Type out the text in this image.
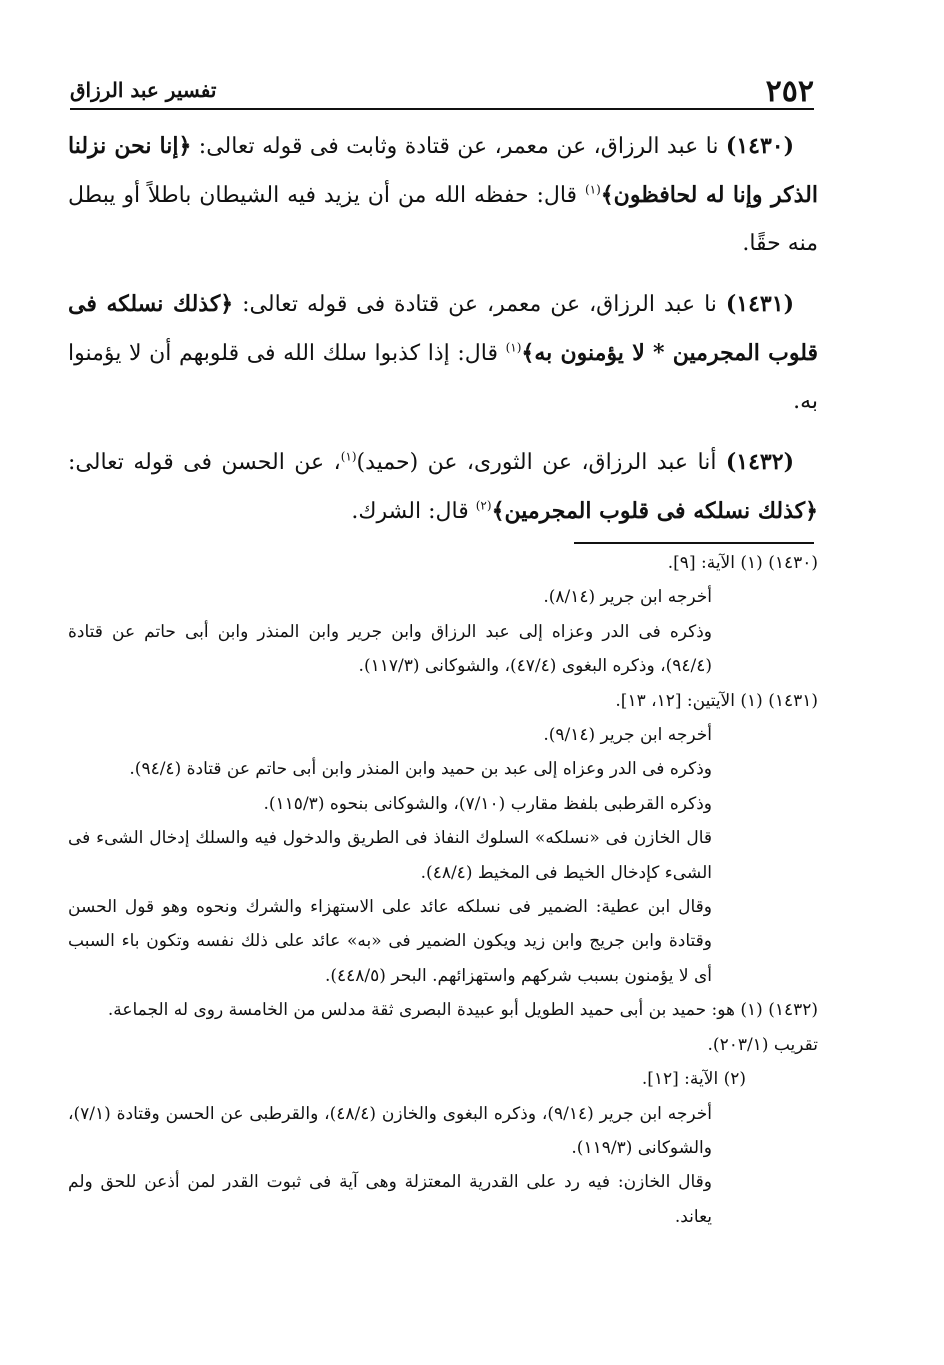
٢٥٢
تفسير عبد الرزاق

(١٤٣٠) نا عبد الرزاق، عن معمر، عن قتادة وثابت فى قوله تعالى: ﴿إنا نحن نزلنا الذكر وإنا له لحافظون﴾$^{(١)}$ قال: حفظه الله من أن يزيد فيه الشيطان باطلاً أو يبطل منه حقًا.

(١٤٣١) نا عبد الرزاق، عن معمر، عن قتادة فى قوله تعالى: ﴿كذلك نسلكه فى قلوب المجرمين * لا يؤمنون به﴾$^{(١)}$ قال: إذا كذبوا سلك الله فى قلوبهم أن لا يؤمنوا به.

(١٤٣٢) أنا عبد الرزاق، عن الثورى، عن (حميد)$^{(١)}$، عن الحسن فى قوله تعالى: ﴿كذلك نسلكه فى قلوب المجرمين﴾$^{(٢)}$ قال: الشرك.

(١٤٣٠) (١) الآية: [٩].

أخرجه ابن جرير (٨/١٤).

وذكره فى الدر وعزاه إلى عبد الرزاق وابن جرير وابن المنذر وابن أبى حاتم عن قتادة (٩٤/٤)، وذكره البغوى (٤٧/٤)، والشوكانى (١١٧/٣).

(١٤٣١) (١) الآيتين: [١٢، ١٣].

أخرجه ابن جرير (٩/١٤).

وذكره فى الدر وعزاه إلى عبد بن حميد وابن المنذر وابن أبى حاتم عن قتادة (٩٤/٤).

وذكره القرطبى بلفظ مقارب (٧/١٠)، والشوكانى بنحوه (١١٥/٣).

قال الخازن فى «نسلكه» السلوك النفاذ فى الطريق والدخول فيه والسلك إدخال الشىء فى الشىء كإدخال الخيط فى المخيط (٤٨/٤).

وقال ابن عطية: الضمير فى نسلكه عائد على الاستهزاء والشرك ونحوه وهو قول الحسن وقتادة وابن جريج وابن زيد ويكون الضمير فى «به» عائد على ذلك نفسه وتكون باء السبب أى لا يؤمنون بسبب شركهم واستهزائهم. البحر (٤٤٨/٥).

(١٤٣٢) (١) هو: حميد بن أبى حميد الطويل أبو عبيدة البصرى ثقة مدلس من الخامسة روى له الجماعة. تقريب (٢٠٣/١).

(٢) الآية: [١٢].

أخرجه ابن جرير (٩/١٤)، وذكره البغوى والخازن (٤٨/٤)، والقرطبى عن الحسن وقتادة (٧/١)، والشوكانى (١١٩/٣).

وقال الخازن: فيه رد على القدرية المعتزلة وهى آية فى ثبوت القدر لمن أذعن للحق ولم يعاند.
